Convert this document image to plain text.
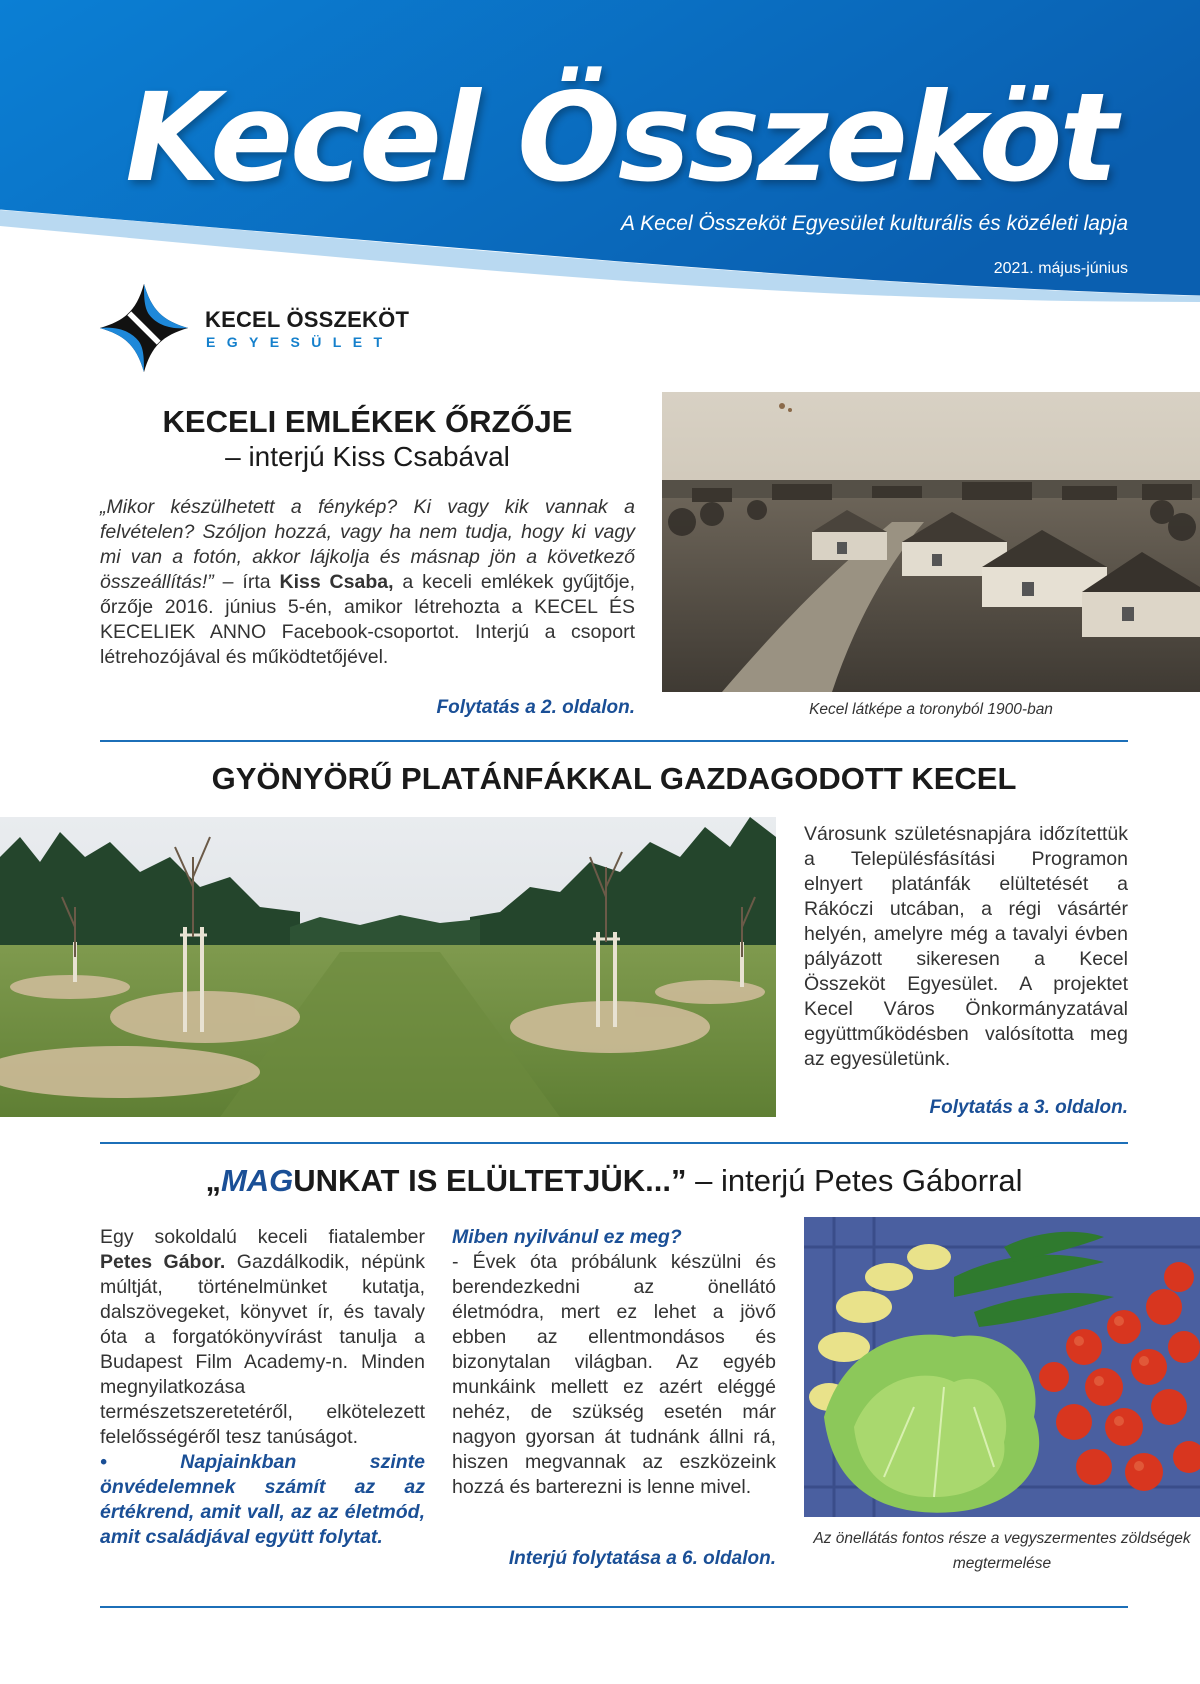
Kecel Összeköt
A Kecel Összeköt Egyesület kulturális és közéleti lapja
2021. május-június
KECEL ÖSSZEKÖT
EGYESÜLET
KECELI EMLÉKEK ŐRZŐJE
– interjú Kiss Csabával
„Mikor készülhetett a fénykép? Ki vagy kik vannak a felvételen? Szóljon hozzá, vagy ha nem tudja, hogy ki vagy mi van a fotón, akkor lájkolja és másnap jön a következő összeállítás!” – írta Kiss Csaba, a keceli emlékek gyűjtője, őrzője 2016. június 5-én, amikor létrehozta a KECEL ÉS KECELIEK ANNO Facebook-csoportot. Interjú a csoport létrehozójával és működtetőjével.
Folytatás a 2. oldalon.	Kecel látképe a toronyból 1900-ban
GYÖNYÖRŰ PLATÁNFÁKKAL GAZDAGODOTT KECEL
Városunk születésnapjára időzítettük a Településfásítási Programon elnyert platánfák elültetését a Rákóczi utcában, a régi vásártér helyén, amelyre még a tavalyi évben pályázott sikeresen a Kecel Összeköt Egyesület. A projektet Kecel Város Önkormányzatával együttműködésben valósította meg az egyesületünk.
Folytatás a 3. oldalon.
„MAGUNKAT IS ELÜLTETJÜK...” – interjú Petes Gáborral
Egy sokoldalú keceli fiatalember Petes Gábor. Gazdálkodik, népünk múltját, történelmünket kutatja, dalszövegeket, könyvet ír, és tavaly óta a forgatókönyvírást tanulja a Budapest Film Academy-n. Minden megnyilatkozása természetszeretetéről, elkötelezett felelősségéről tesz tanúságot.
• Napjainkban szinte önvédelemnek számít az az értékrend, amit vall, az az életmód, amit családjával együtt folytat.
Miben nyilvánul ez meg?
- Évek óta próbálunk készülni és berendezkedni az önellátó életmódra, mert ez lehet a jövő ebben az ellentmondásos és bizonytalan világban. Az egyéb munkáink mellett ez azért eléggé nehéz, de szükség esetén már nagyon gyorsan át tudnánk állni rá, hiszen megvannak az eszközeink hozzá és barterezni is lenne mivel.
Interjú folytatása a 6. oldalon.
Az önellátás fontos része a vegyszermentes zöldségek megtermelése
